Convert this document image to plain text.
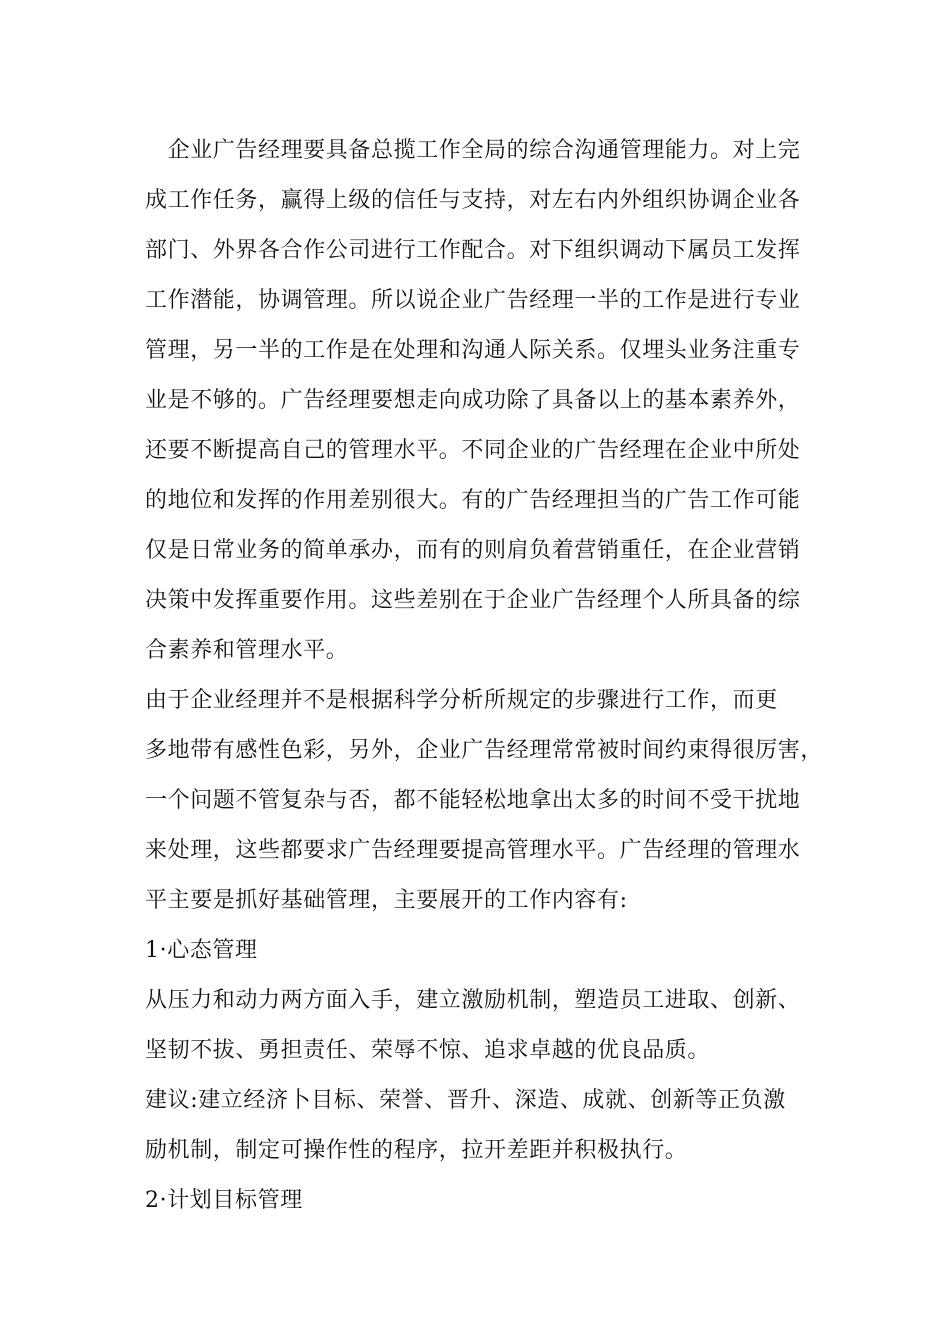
　企业广告经理要具备总揽工作全局的综合沟通管理能力。对上完
成工作任务，赢得上级的信任与支持，对左右内外组织协调企业各
部门、外界各合作公司进行工作配合。对下组织调动下属员工发挥
工作潜能，协调管理。所以说企业广告经理一半的工作是进行专业
管理，另一半的工作是在处理和沟通人际关系。仅埋头业务注重专
业是不够的。广告经理要想走向成功除了具备以上的基本素养外，
还要不断提高自己的管理水平。不同企业的广告经理在企业中所处
的地位和发挥的作用差别很大。有的广告经理担当的广告工作可能
仅是日常业务的简单承办，而有的则肩负着营销重任，在企业营销
决策中发挥重要作用。这些差别在于企业广告经理个人所具备的综
合素养和管理水平。
由于企业经理并不是根据科学分析所规定的步骤进行工作，而更
多地带有感性色彩，另外，企业广告经理常常被时间约束得很厉害，
一个问题不管复杂与否，都不能轻松地拿出太多的时间不受干扰地
来处理，这些都要求广告经理要提高管理水平。广告经理的管理水
平主要是抓好基础管理，主要展开的工作内容有:
1·心态管理
从压力和动力两方面入手，建立激励机制，塑造员工进取、创新、
坚韧不拔、勇担责任、荣辱不惊、追求卓越的优良品质。
建议:建立经济卜目标、荣誉、晋升、深造、成就、创新等正负激
励机制，制定可操作性的程序，拉开差距并积极执行。
2·计划目标管理
